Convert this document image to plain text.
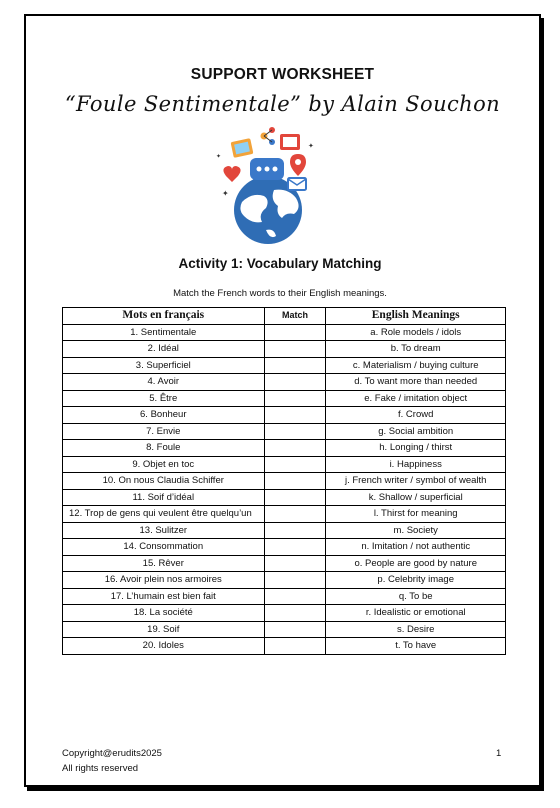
SUPPORT WORKSHEET
“Foule Sentimentale” by Alain Souchon
✦
✦
✦
Activity 1: Vocabulary Matching
Match the French words to their English meanings.
Mots en français	Match	English Meanings
1. Sentimentale		a. Role models / idols
2. Idéal		b. To dream
3. Superficiel		c. Materialism / buying culture
4. Avoir		d. To want more than needed
5. Être		e. Fake / imitation object
6. Bonheur		f. Crowd
7. Envie		g. Social ambition
8. Foule		h. Longing / thirst
9. Objet en toc		i. Happiness
10. On nous Claudia Schiffer		j. French writer / symbol of wealth
11. Soif d’idéal		k. Shallow / superficial
12. Trop de gens qui veulent être quelqu’un		l. Thirst for meaning
13. Sulitzer		m. Society
14. Consommation		n. Imitation / not authentic
15. Rêver		o. People are good by nature
16. Avoir plein nos armoires		p. Celebrity image
17. L’humain est bien fait		q. To be
18. La société		r. Idealistic or emotional
19. Soif		s. Desire
20. Idoles		t. To have
Copyright@erudits2025
All rights reserved
1
